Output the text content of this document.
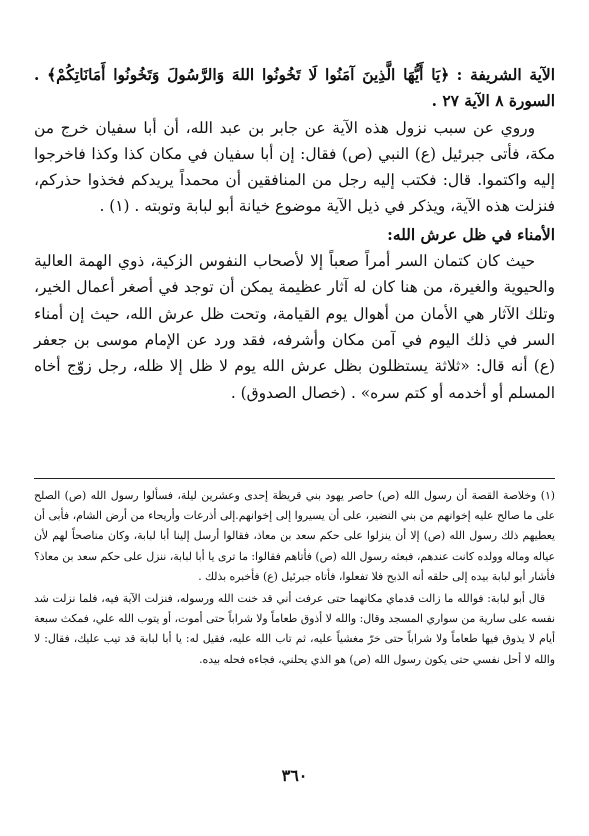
الآية الشريفة : ﴿يَا أَيُّهَا الَّذِينَ آمَنُوا لَا تَخُونُوا اللهَ وَالرَّسُولَ وَتَخُونُوا أَمَانَاتِكُمْ﴾ . السورة ٨ الآية ٢٧ .

وروي عن سبب نزول هذه الآية عن جابر بن عبد الله، أن أبا سفيان خرج من مكة، فأتى جبرئيل (ع) النبي (ص) فقال: إن أبا سفيان في مكان كذا وكذا فاخرجوا إليه واكتموا. قال: فكتب إليه رجل من المنافقين أن محمداً يريدكم فخذوا حذركم، فنزلت هذه الآية، ويذكر في ذيل الآية موضوع خيانة أبو لبابة وتوبته . (١) .

الأمناء في ظل عرش الله:

حيث كان كتمان السر أمراً صعباً إلا لأصحاب النفوس الزكية، ذوي الهمة العالية والحيوية والغيرة، من هنا كان له آثار عظيمة يمكن أن توجد في أصغر أعمال الخير، وتلك الآثار هي الأمان من أهوال يوم القيامة، وتحت ظل عرش الله، حيث إن أمناء السر في ذلك اليوم في آمن مكان وأشرفه، فقد ورد عن الإمام موسى بن جعفر (ع) أنه قال: «ثلاثة يستظلون بظل عرش الله يوم لا ظل إلا ظله، رجل زوّج أخاه المسلم أو أخدمه أو كتم سره» . (خصال الصدوق) .

(١) وخلاصة القصة أن رسول الله (ص) حاصر يهود بني قريظة إحدى وعشرين ليلة، فسألوا رسول الله (ص) الصلح على ما صالح عليه إخوانهم من بني النضير، على أن يسيروا إلى إخوانهم.إلى أذرعات وأريحاء من أرض الشام، فأبى أن يعطيهم ذلك رسول الله (ص) إلا أن ينزلوا على حكم سعد بن معاذ، فقالوا أرسل إلينا أبا لبابة، وكان مناصحاً لهم لأن عياله وماله وولده كانت عندهم، فبعثه رسول الله (ص) فأتاهم فقالوا: ما ترى يا أبا لبابة، ننزل على حكم سعد بن معاذ؟ فأشار أبو لبابة بيده إلى حلقه أنه الذبح فلا تفعلوا، فأتاه جبرئيل (ع) فأخبره بذلك .

قال أبو لبابة: فوالله ما زالت قدماي مكانهما حتى عرفت أني قد خنت الله ورسوله، فنزلت الآية فيه، فلما نزلت شد نفسه على سارية من سواري المسجد وقال: والله لا أذوق طعاماً ولا شراباً حتى أموت، أو يتوب الله علي، فمكث سبعة أيام لا يذوق فيها طعاماً ولا شراباً حتى خرّ مغشياً عليه، ثم تاب الله عليه، فقيل له: يا أبا لبابة قد تيب عليك، فقال: لا والله لا أحل نفسي حتى يكون رسول الله (ص) هو الذي يحلني، فجاءه فحله بيده.

٣٦٠
